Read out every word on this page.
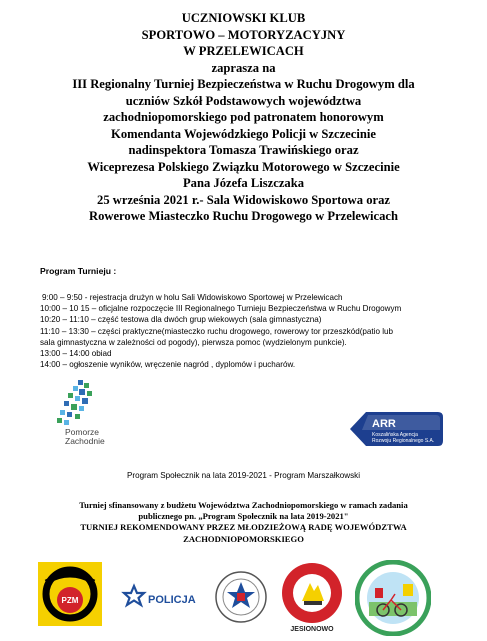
UCZNIOWSKI KLUB
SPORTOWO – MOTORYZACYJNY
W PRZELEWICACH
zaprasza na
III Regionalny Turniej Bezpieczeństwa w Ruchu Drogowym dla
uczniów Szkół Podstawowych województwa
zachodniopomorskiego pod patronatem honorowym
Komendanta Wojewódzkiego Policji w Szczecinie
nadinspektora Tomasza Trawińskiego oraz
Wiceprezesa Polskiego Związku Motorowego w Szczecinie
Pana Józefa Liszczaka
25 września 2021 r.- Sala Widowiskowo Sportowa oraz
Rowerowe Miasteczko Ruchu Drogowego w Przelewicach
Program Turnieju :
9:00 – 9:50 - rejestracja drużyn w holu Sali Widowiskowo Sportowej w Przelewicach
10:00 – 10 15 – oficjalne rozpoczęcie III Regionalnego Turnieju Bezpieczeństwa w Ruchu Drogowym
10:20 – 11:10 – część testowa dla dwóch grup wiekowych (sala gimnastyczna)
11:10 – 13:30 – części praktyczne(miasteczko ruchu drogowego, rowerowy tor przeszkód(patio lub
sala gimnastyczna w zależności od pogody), pierwsza pomoc (wydzielonym punkcie).
13:00 – 14:00 obiad
14:00 – ogłoszenie wyników, wręczenie nagród , dyplomów i pucharów.
Pomorze
Zachodnie
ARR
Koszalińska Agencja
Rozwoju Regionalnego S.A.
Program Społecznik na lata 2019-2021 - Program Marszałkowski
Turniej sfinansowany z budżetu Województwa Zachodniopomorskiego w ramach zadania
publicznego pn. „Program Społecznik na lata 2019-2021"
TURNIEJ REKOMENDOWANY PRZEZ MŁODZIEŻOWĄ RADĘ WOJEWÓDZTWA
ZACHODNIOPOMORSKIEGO
PZM	POLICJA
JESIONOWO
